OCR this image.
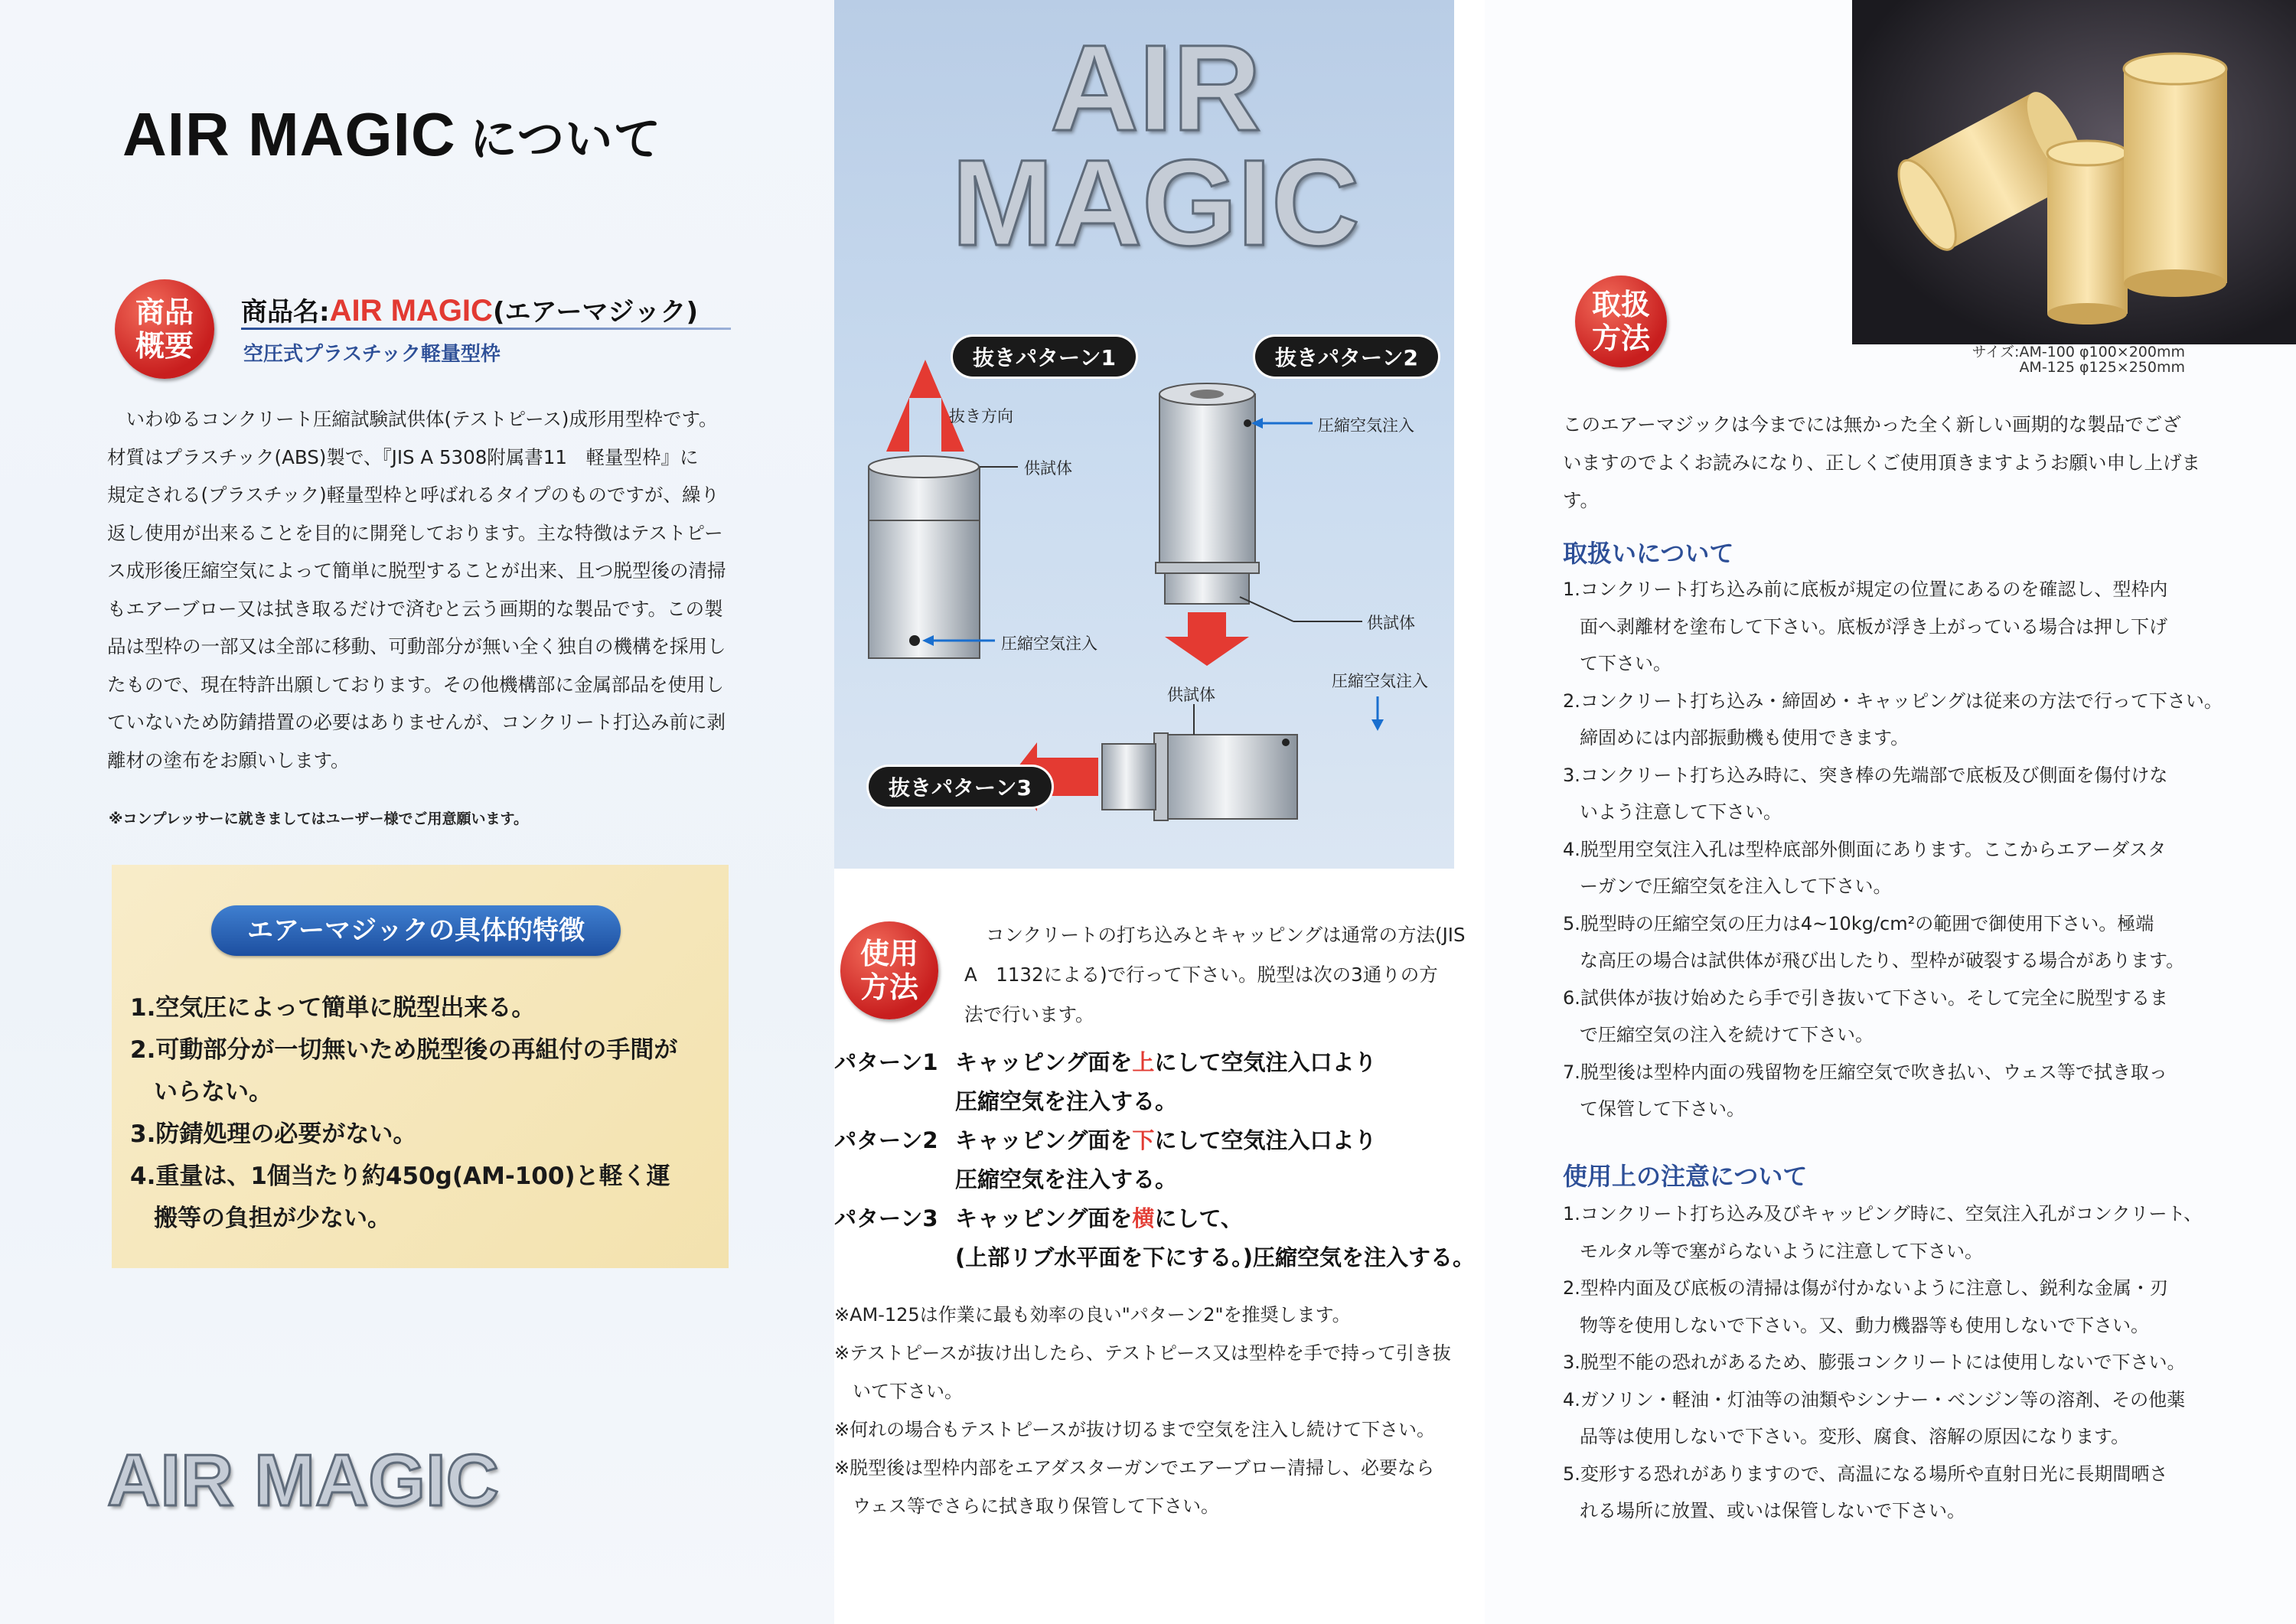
AIR MAGIC について
商品
概要
商品名:AIR MAGIC(エアーマジック)
空圧式プラスチック軽量型枠
　いわゆるコンクリート圧縮試験試供体(テストピース)成形用型枠です。
材質はプラスチック(ABS)製で、『JIS A 5308附属書11　軽量型枠』に
規定される(プラスチック)軽量型枠と呼ばれるタイプのものですが、繰り
返し使用が出来ることを目的に開発しております。主な特徴はテストピー
ス成形後圧縮空気によって簡単に脱型することが出来、且つ脱型後の清掃
もエアーブロー又は拭き取るだけで済むと云う画期的な製品です。この製
品は型枠の一部又は全部に移動、可動部分が無い全く独自の機構を採用し
たもので、現在特許出願しております。その他機構部に金属部品を使用し
ていないため防錆措置の必要はありませんが、コンクリート打込み前に剥
離材の塗布をお願いします。
※コンプレッサーに就きましてはユーザー様でご用意願います。
エアーマジックの具体的特徴
1.空気圧によって簡単に脱型出来る。
2.可動部分が一切無いため脱型後の再組付の手間が
　いらない。
3.防錆処理の必要がない。
4.重量は、1個当たり約450g(AM-100)と軽く運
　搬等の負担が少ない。
AIR MAGIC
AIR
MAGIC
抜きパターン1	抜きパターン2
抜きパターン3
抜き方向
供試体
圧縮空気注入
圧縮空気注入
供試体
供試体
圧縮空気注入
使用
方法
コンクリートの打ち込みとキャッピングは通常の方法(JIS
A　1132による)で行って下さい。脱型は次の3通りの方
法で行います。
パターン1 キャッピング面を上にして空気注入口より
圧縮空気を注入する。
パターン2 キャッピング面を下にして空気注入口より
圧縮空気を注入する。
パターン3 キャッピング面を横にして、
(上部リブ水平面を下にする。)圧縮空気を注入する。
※AM-125は作業に最も効率の良い"パターン2"を推奨します。
※テストピースが抜け出したら、テストピース又は型枠を手で持って引き抜
　いて下さい。
※何れの場合もテストピースが抜け切るまで空気を注入し続けて下さい。
※脱型後は型枠内部をエアダスターガンでエアーブロー清掃し、必要なら
　ウェス等でさらに拭き取り保管して下さい。
サイズ:AM-100 φ100×200mm
AM-125 φ125×250mm
取扱
方法
このエアーマジックは今までには無かった全く新しい画期的な製品でござ
いますのでよくお読みになり、正しくご使用頂きますようお願い申し上げま
す。
取扱いについて
1.コンクリート打ち込み前に底板が規定の位置にあるのを確認し、型枠内
面へ剥離材を塗布して下さい。底板が浮き上がっている場合は押し下げ
て下さい。
2.コンクリート打ち込み・締固め・キャッピングは従来の方法で行って下さい。
締固めには内部振動機も使用できます。
3.コンクリート打ち込み時に、突き棒の先端部で底板及び側面を傷付けな
いよう注意して下さい。
4.脱型用空気注入孔は型枠底部外側面にあります。ここからエアーダスタ
ーガンで圧縮空気を注入して下さい。
5.脱型時の圧縮空気の圧力は4~10kg/cm²の範囲で御使用下さい。極端
な高圧の場合は試供体が飛び出したり、型枠が破裂する場合があります。
6.試供体が抜け始めたら手で引き抜いて下さい。そして完全に脱型するま
で圧縮空気の注入を続けて下さい。
7.脱型後は型枠内面の残留物を圧縮空気で吹き払い、ウェス等で拭き取っ
て保管して下さい。
使用上の注意について
1.コンクリート打ち込み及びキャッピング時に、空気注入孔がコンクリート、
モルタル等で塞がらないように注意して下さい。
2.型枠内面及び底板の清掃は傷が付かないように注意し、鋭利な金属・刃
物等を使用しないで下さい。又、動力機器等も使用しないで下さい。
3.脱型不能の恐れがあるため、膨張コンクリートには使用しないで下さい。
4.ガソリン・軽油・灯油等の油類やシンナー・ベンジン等の溶剤、その他薬
品等は使用しないで下さい。変形、腐食、溶解の原因になります。
5.変形する恐れがありますので、高温になる場所や直射日光に長期間晒さ
れる場所に放置、或いは保管しないで下さい。
